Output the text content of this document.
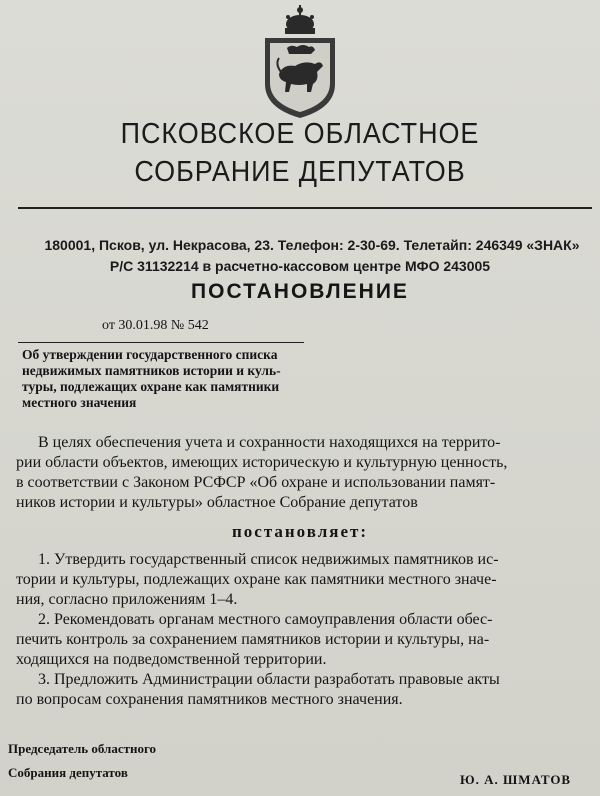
ПСКОВСКОЕ ОБЛАСТНОЕ
СОБРАНИЕ ДЕПУТАТОВ
180001, Псков, ул. Некрасова, 23. Телефон: 2-30-69. Телетайп: 246349 «ЗНАК»
Р/С 31132214 в расчетно-кассовом центре МФО 243005
ПОСТАНОВЛЕНИЕ
от 30.01.98 № 542
Об утверждении государственного списка
недвижимых памятников истории и куль-
туры, подлежащих охране как памятники
местного значения
В целях обеспечения учета и сохранности находящихся на террито-
рии области объектов, имеющих историческую и культурную ценность,
в соответствии с Законом РСФСР «Об охране и использовании памят-
ников истории и культуры» областное Собрание депутатов
постановляет:
1. Утвердить государственный список недвижимых памятников ис-
тории и культуры, подлежащих охране как памятники местного значе-
ния, согласно приложениям 1–4.
2. Рекомендовать органам местного самоуправления области обес-
печить контроль за сохранением памятников истории и культуры, на-
ходящихся на подведомственной территории.
3. Предложить Администрации области разработать правовые акты
по вопросам сохранения памятников местного значения.
Председатель областного
Собрания депутатов	Ю. А. ШМАТОВ
